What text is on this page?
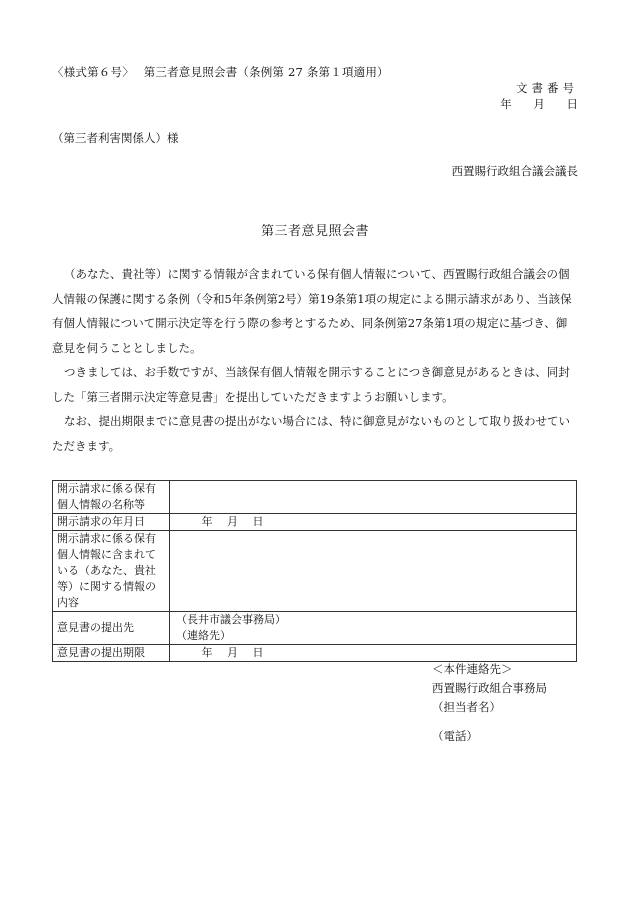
〈様式第６号〉　 第三者意見照会書（条例第 27 条第１項適用）
文書番号
年 月 日
（第三者利害関係人）様
西置賜行政組合議会議長
第三者意見照会書

（あなた、貴社等）に関する情報が含まれている保有個人情報について、西置賜行政組合議会の個人情報の保護に関する条例（令和5年条例第2号）第19条第1項の規定による開示請求があり、当該保有個人情報について開示決定等を行う際の参考とするため、同条例第27条第1項の規定に基づき、御意見を伺うこととしました。

つきましては、お手数ですが、当該保有個人情報を開示することにつき御意見があるときは、同封した「第三者開示決定等意見書」を提出していただきますようお願いします。

なお、提出期限までに意見書の提出がない場合には、特に御意見がないものとして取り扱わせていただきます。

開示請求に係る保有個人情報の名称等	
開示請求の年月日	　　 年　 月　 日
開示請求に係る保有個人情報に含まれている（あなた、貴社等）に関する情報の内容	
意見書の提出先	（長井市議会事務局）
（連絡先）

意見書の提出期限	　　 年　 月　 日
＜本件連絡先＞
西置賜行政組合事務局
（担当者名）
（電話）
